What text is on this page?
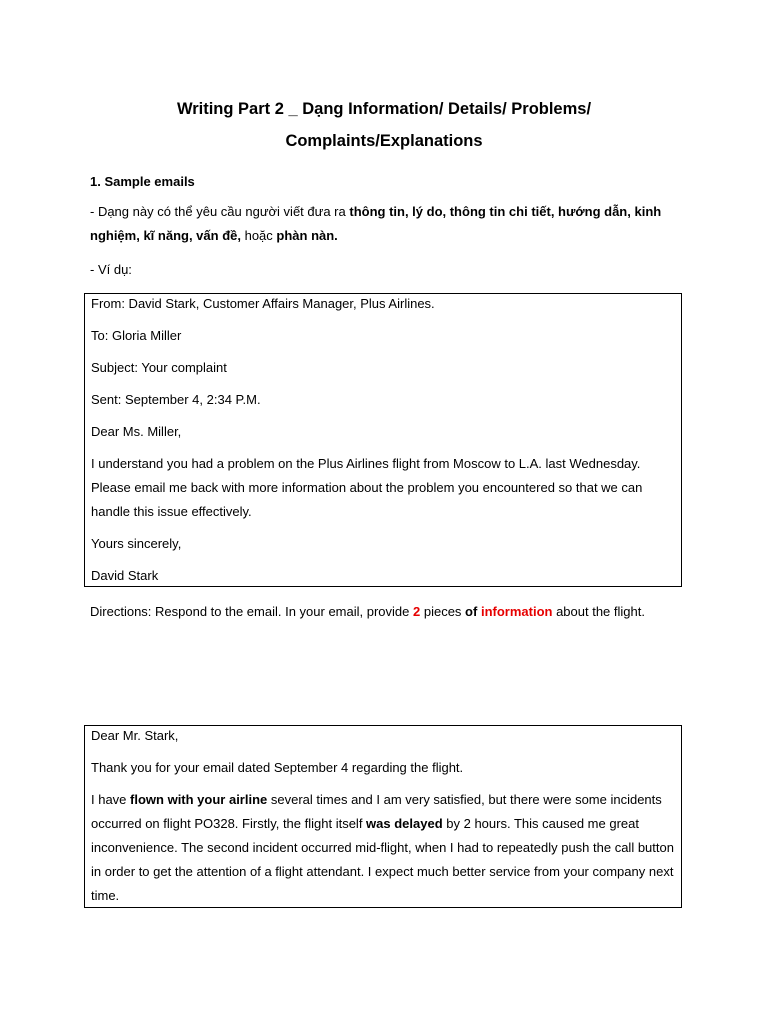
Writing Part 2 _ Dạng Information/ Details/ Problems/
Complaints/Explanations

1. Sample emails

- Dạng này có thể yêu cầu người viết đưa ra thông tin, lý do, thông tin chi tiết, hướng dẫn, kinh nghiệm, kĩ năng, vấn đề, hoặc phàn nàn.

- Ví dụ:

From: David Stark, Customer Affairs Manager, Plus Airlines.

To: Gloria Miller

Subject: Your complaint

Sent: September 4, 2:34 P.M.

Dear Ms. Miller,

I understand you had a problem on the Plus Airlines flight from Moscow to L.A. last Wednesday. Please email me back with more information about the problem you encountered so that we can handle this issue effectively.

Yours sincerely,

David Stark

Directions: Respond to the email. In your email, provide 2 pieces of information about the flight.

Dear Mr. Stark,

Thank you for your email dated September 4 regarding the flight.

I have flown with your airline several times and I am very satisfied, but there were some incidents occurred on flight PO328. Firstly, the flight itself was delayed by 2 hours. This caused me great inconvenience. The second incident occurred mid-flight, when I had to repeatedly push the call button in order to get the attention of a flight attendant. I expect much better service from your company next time.
